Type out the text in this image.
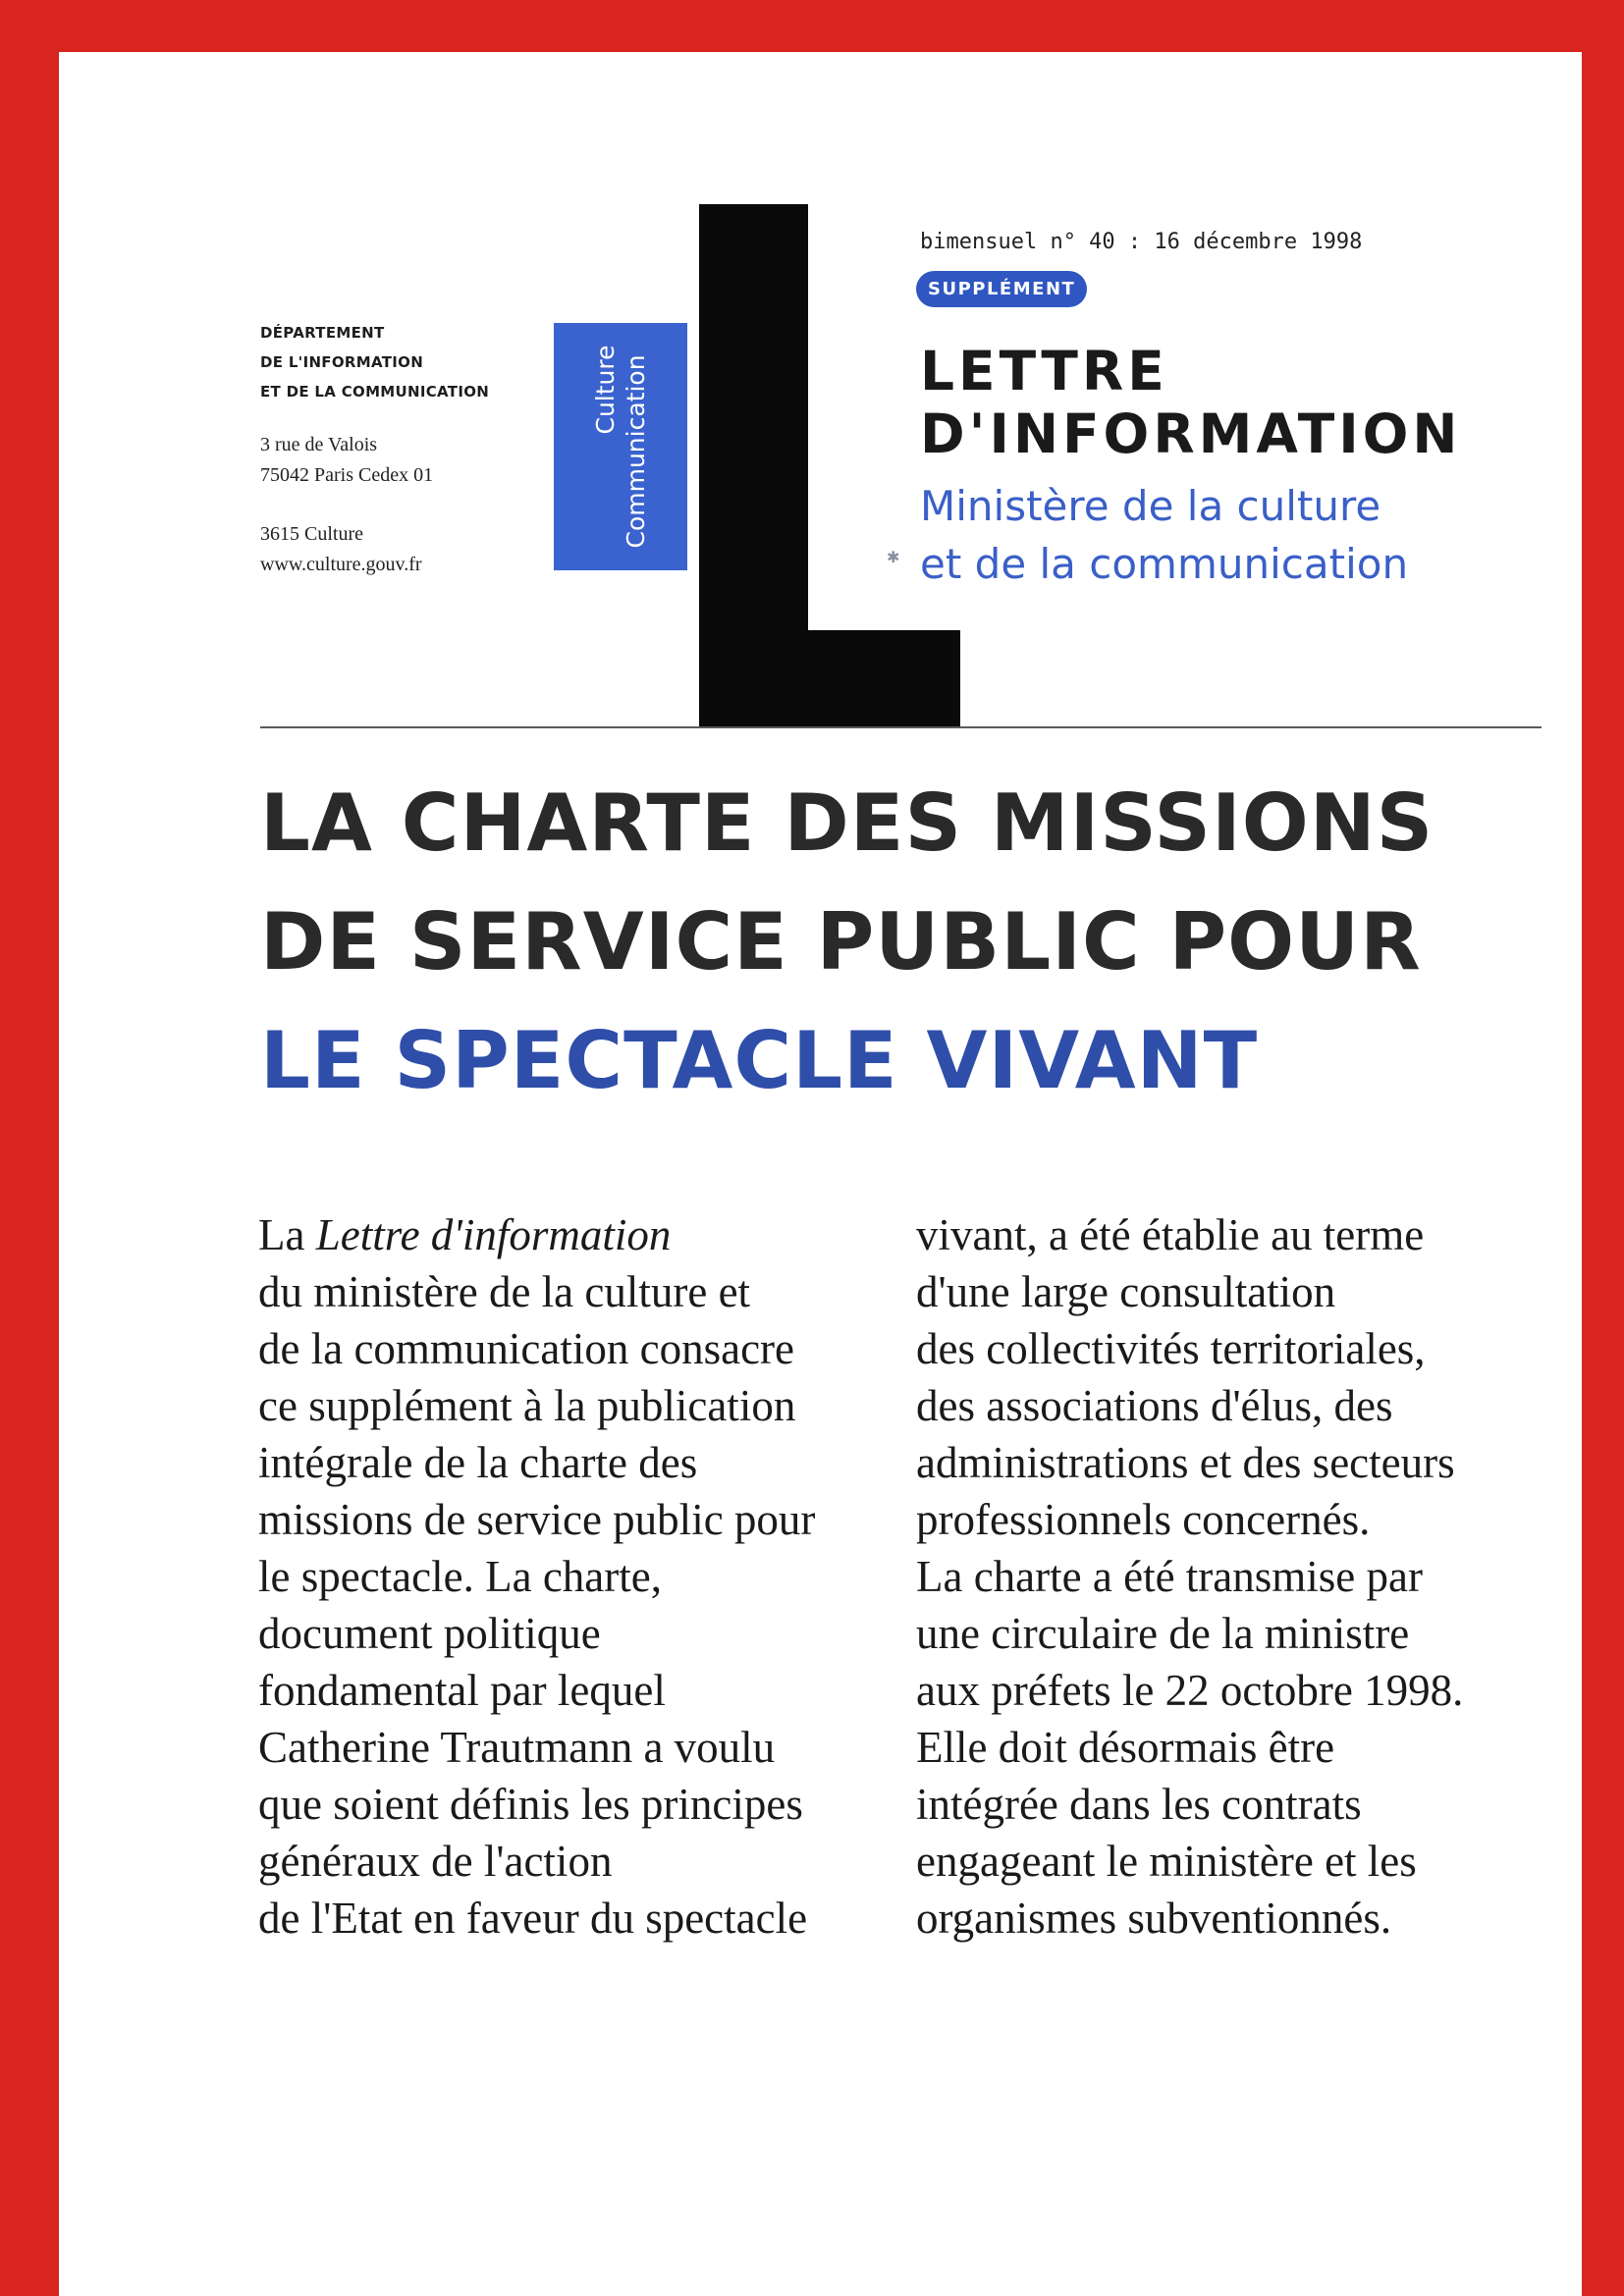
DÉPARTEMENT
DE L'INFORMATION
ET DE LA COMMUNICATION
3 rue de Valois
75042 Paris Cedex 01
3615 Culture
www.culture.gouv.fr
Culture Communication
bimensuel n° 40 : 16 décembre 1998
SUPPLÉMENT
LETTRE
D'INFORMATION
Ministère de la culture
et de la communication
✱
LA CHARTE DES MISSIONS
DE SERVICE PUBLIC POUR
LE SPECTACLE VIVANT
La Lettre d'information
du ministère de la culture et
de la communication consacre
ce supplément à la publication
intégrale de la charte des
missions de service public pour
le spectacle. La charte,
document politique
fondamental par lequel
Catherine Trautmann a voulu
que soient définis les principes
généraux de l'action
de l'Etat en faveur du spectacle
vivant, a été établie au terme
d'une large consultation
des collectivités territoriales,
des associations d'élus, des
administrations et des secteurs
professionnels concernés.
La charte a été transmise par
une circulaire de la ministre
aux préfets le 22 octobre 1998.
Elle doit désormais être
intégrée dans les contrats
engageant le ministère et les
organismes subventionnés.
